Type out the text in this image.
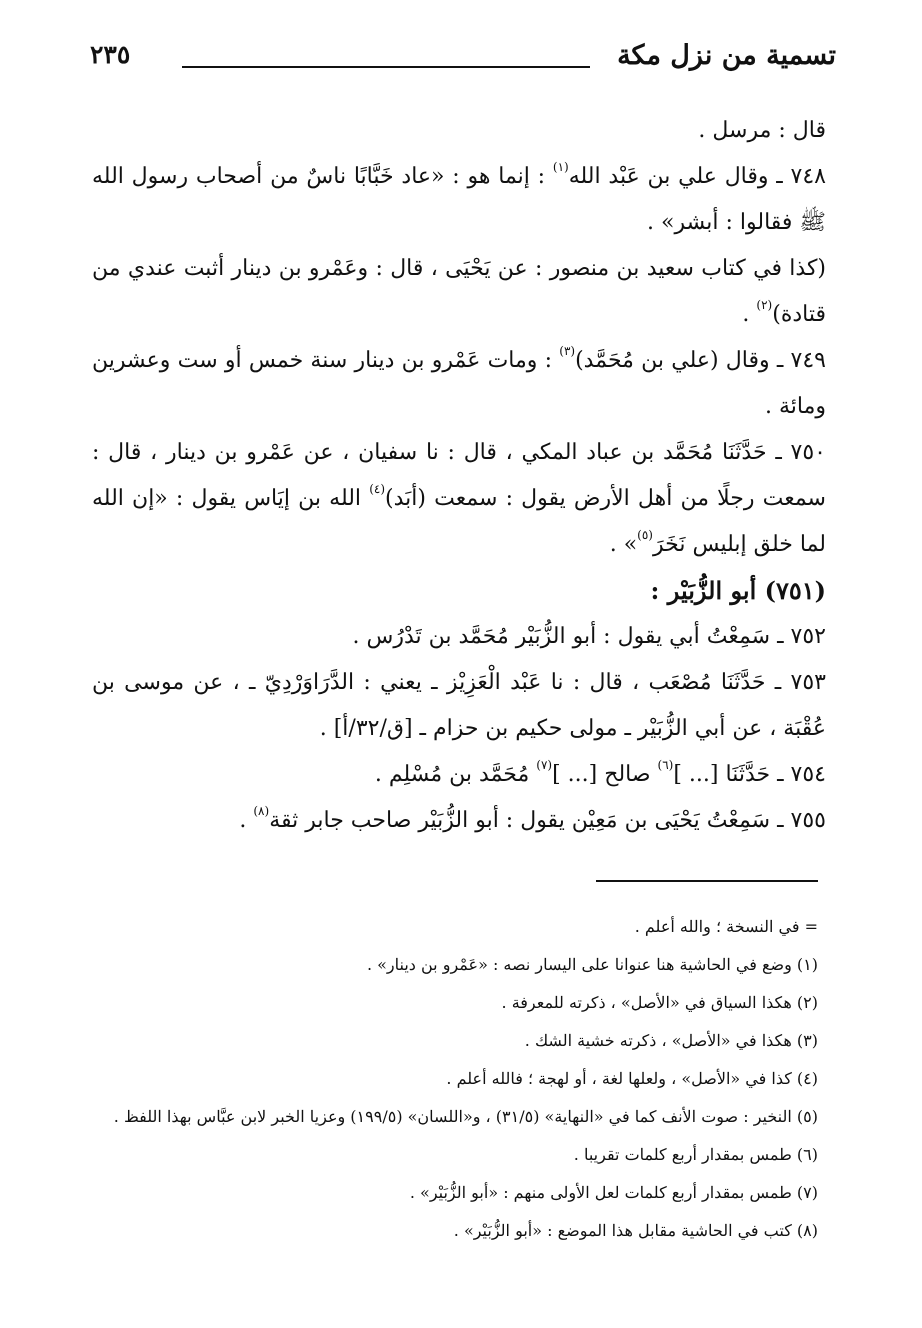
تسمية من نزل مكة
٢٣٥

قال : مرسل .

٧٤٨ ـ وقال علي بن عَبْد الله$^{(١)}$ : إنما هو : «عاد خَبَّابًا ناسٌ من أصحاب رسول الله ﷺ فقالوا : أبشر» .

(كذا في كتاب سعيد بن منصور : عن يَحْيَى ، قال : وعَمْرو بن دينار أثبت عندي من قتادة)$^{(٢)}$ .

٧٤٩ ـ وقال (علي بن مُحَمَّد)$^{(٣)}$ : ومات عَمْرو بن دينار سنة خمس أو ست وعشرين ومائة .

٧٥٠ ـ حَدَّثَنَا مُحَمَّد بن عباد المكي ، قال : نا سفيان ، عن عَمْرو بن دينار ، قال : سمعت رجلًا من أهل الأرض يقول : سمعت (أبَد)$^{(٤)}$ الله بن إيَاس يقول : «إن الله لما خلق إبليس نَخَرَ$^{(٥)}$» .

(٧٥١) أبو الزُّبَيْر :

٧٥٢ ـ سَمِعْتُ أبي يقول : أبو الزُّبَيْر مُحَمَّد بن تَدْرُس .

٧٥٣ ـ حَدَّثَنَا مُصْعَب ، قال : نا عَبْد الْعَزِيْز ـ يعني : الدَّرَاوَرْدِيّ ـ ، عن موسى بن عُقْبَة ، عن أبي الزُّبَيْر ـ مولى حكيم بن حزام ـ [ق/٣٢/أ] .

٧٥٤ ـ حَدَّثَنَا [... ]$^{(٦)}$ صالح [... ]$^{(٧)}$ مُحَمَّد بن مُسْلِم .

٧٥٥ ـ سَمِعْتُ يَحْيَى بن مَعِيْن يقول : أبو الزُّبَيْر صاحب جابر ثقة$^{(٨)}$ .

= في النسخة ؛ والله أعلم .

(١) وضع في الحاشية هنا عنوانا على اليسار نصه : «عَمْرو بن دينار» .

(٢) هكذا السياق في «الأصل» ، ذكرته للمعرفة .

(٣) هكذا في «الأصل» ، ذكرته خشية الشك .

(٤) كذا في «الأصل» ، ولعلها لغة ، أو لهجة ؛ فالله أعلم .

(٥) النخير : صوت الأنف كما في «النهاية» (٣١/٥) ، و«اللسان» (١٩٩/٥) وعزيا الخبر لابن عبَّاس بهذا اللفظ .

(٦) طمس بمقدار أربع كلمات تقريبا .

(٧) طمس بمقدار أربع كلمات لعل الأولى منهم : «أبو الزُّبَيْر» .

(٨) كتب في الحاشية مقابل هذا الموضع : «أبو الزُّبَيْر» .
